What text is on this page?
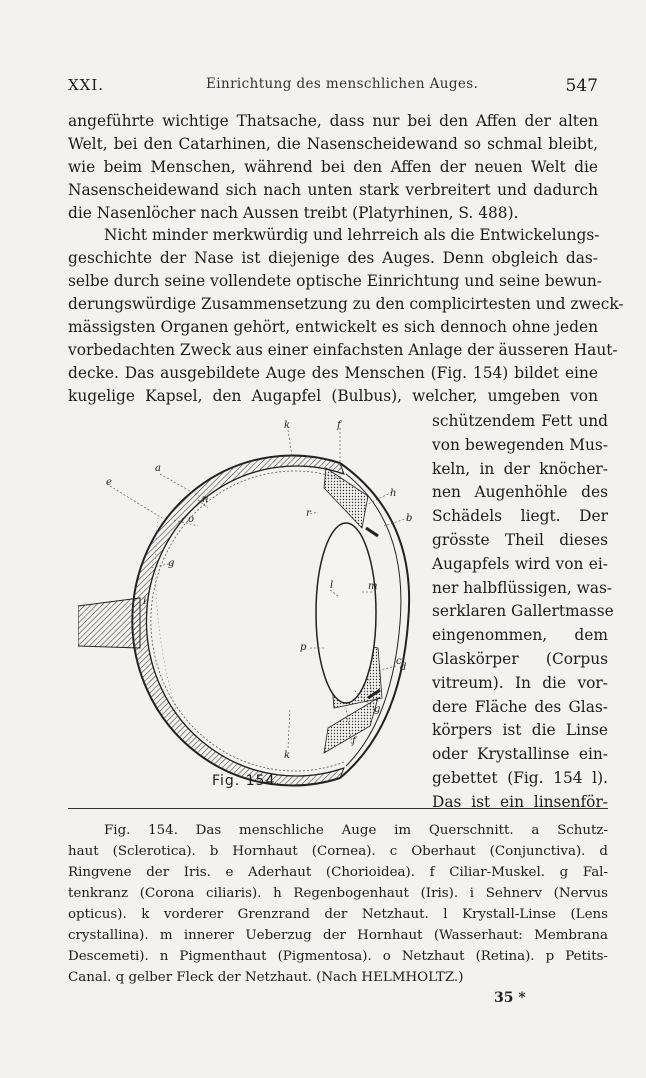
XXI.	Einrichtung des menschlichen Auges.	547
angeführte wichtige Thatsache, dass nur bei den Affen der alten
Welt, bei den Catarhinen, die Nasenscheidewand so schmal bleibt,
wie beim Menschen, während bei den Affen der neuen Welt die
Nasenscheidewand sich nach unten stark verbreitert und dadurch
die Nasenlöcher nach Aussen treibt (Platyrhinen, S. 488).
Nicht minder merkwürdig und lehrreich als die Entwickelungs-
geschichte der Nase ist diejenige des Auges. Denn obgleich das-
selbe durch seine vollendete optische Einrichtung und seine bewun-
derungswürdige Zusammensetzung zu den complicirtesten und zweck-
mässigsten Organen gehört, entwickelt es sich dennoch ohne jeden
vorbedachten Zweck aus einer einfachsten Anlage der äusseren Haut-
decke. Das ausgebildete Auge des Menschen (Fig. 154) bildet eine
kugelige Kapsel, den Augapfel (Bulbus), welcher, umgeben von
schützendem Fett und
von bewegenden Mus-
keln, in der knöcher-
nen Augenhöhle des
Schädels liegt. Der
grösste Theil dieses
Augapfels wird von ei-
ner halbflüssigen, was-
serklaren Gallertmasse
eingenommen, dem
Glaskörper (Corpus
vitreum). In die vor-
dere Fläche des Glas-
körpers ist die Linse
oder Krystallinse ein-
gebettet (Fig. 154 l).
Das ist ein linsenför-
k	f
a
e
n
o
h
b
r
g
i
l	m
p
c
d
g
f
k
Fig. 154.
Fig. 154. Das menschliche Auge im Querschnitt. a Schutz-
haut (Sclerotica). b Hornhaut (Cornea). c Oberhaut (Conjunctiva). d
Ringvene der Iris. e Aderhaut (Chorioidea). f Ciliar-Muskel. g Fal-
tenkranz (Corona ciliaris). h Regenbogenhaut (Iris). i Sehnerv (Nervus
opticus). k vorderer Grenzrand der Netzhaut. l Krystall-Linse (Lens
crystallina). m innerer Ueberzug der Hornhaut (Wasserhaut: Membrana
Descemeti). n Pigmenthaut (Pigmentosa). o Netzhaut (Retina). p Petits-
Canal. q gelber Fleck der Netzhaut. (Nach HELMHOLTZ.)
35 *
